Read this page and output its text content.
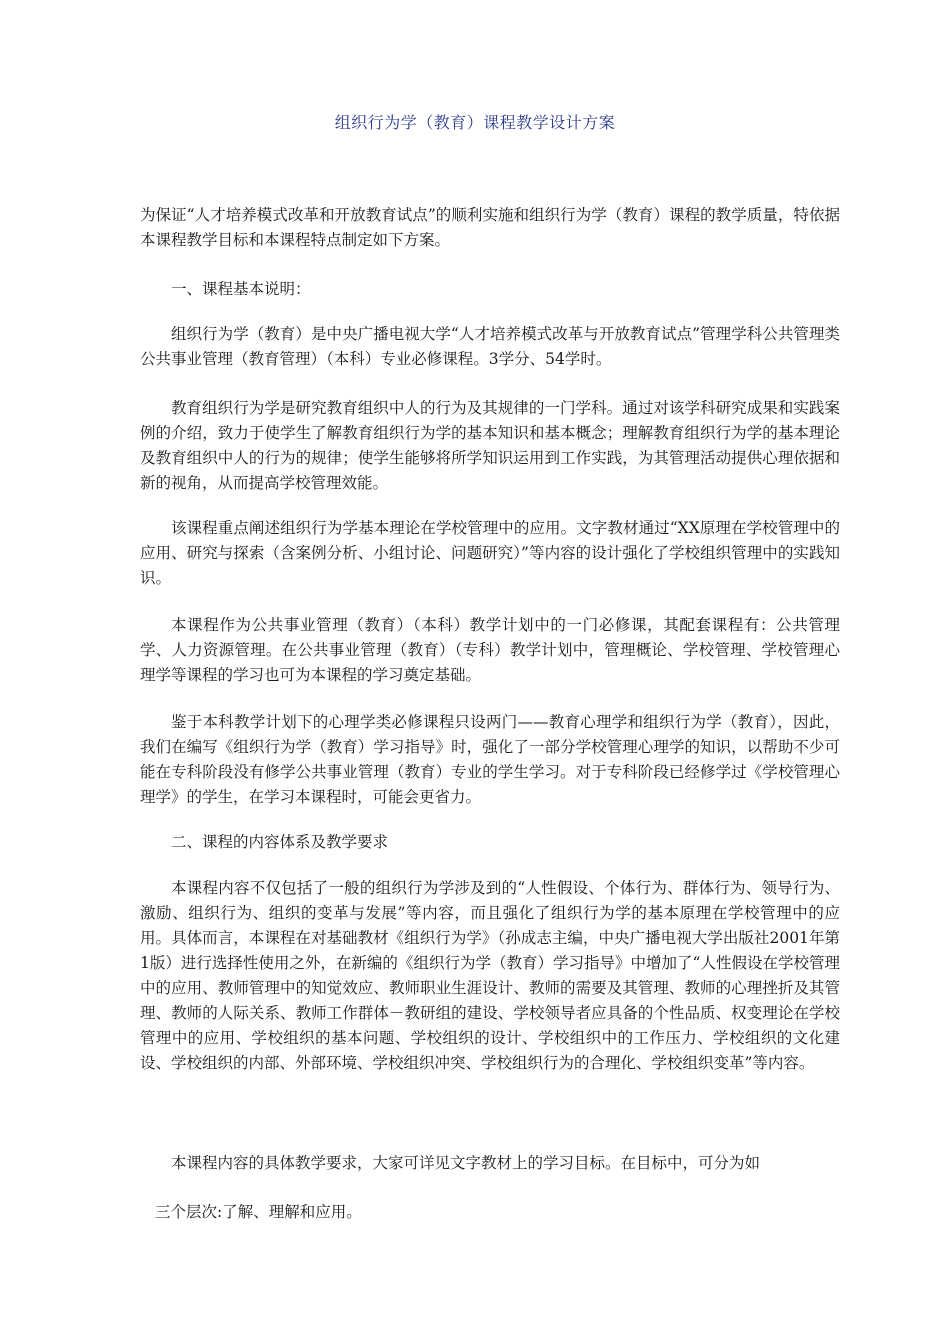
组织行为学（教育）课程教学设计方案

为保证“人才培养模式改革和开放教育试点”的顺利实施和组织行为学（教育）课程的教学质量，特依据本课程教学目标和本课程特点制定如下方案。

一、课程基本说明：

组织行为学（教育）是中央广播电视大学“人才培养模式改革与开放教育试点”管理学科公共管理类公共事业管理（教育管理）（本科）专业必修课程。3学分、54学时。

教育组织行为学是研究教育组织中人的行为及其规律的一门学科。通过对该学科研究成果和实践案例的介绍，致力于使学生了解教育组织行为学的基本知识和基本概念；理解教育组织行为学的基本理论及教育组织中人的行为的规律；使学生能够将所学知识运用到工作实践，为其管理活动提供心理依据和新的视角，从而提高学校管理效能。

该课程重点阐述组织行为学基本理论在学校管理中的应用。文字教材通过“XX原理在学校管理中的应用、研究与探索（含案例分析、小组讨论、问题研究）”等内容的设计强化了学校组织管理中的实践知识。

本课程作为公共事业管理（教育）（本科）教学计划中的一门必修课，其配套课程有：公共管理学、人力资源管理。在公共事业管理（教育）（专科）教学计划中，管理概论、学校管理、学校管理心理学等课程的学习也可为本课程的学习奠定基础。

鉴于本科教学计划下的心理学类必修课程只设两门——教育心理学和组织行为学（教育），因此，我们在编写《组织行为学（教育）学习指导》时，强化了一部分学校管理心理学的知识，以帮助不少可能在专科阶段没有修学公共事业管理（教育）专业的学生学习。对于专科阶段已经修学过《学校管理心理学》的学生，在学习本课程时，可能会更省力。

二、课程的内容体系及教学要求

本课程内容不仅包括了一般的组织行为学涉及到的“人性假设、个体行为、群体行为、领导行为、激励、组织行为、组织的变革与发展”等内容，而且强化了组织行为学的基本原理在学校管理中的应用。具体而言，本课程在对基础教材《组织行为学》（孙成志主编，中央广播电视大学出版社2001年第1版）进行选择性使用之外，在新编的《组织行为学（教育）学习指导》中增加了“人性假设在学校管理中的应用、教师管理中的知觉效应、教师职业生涯设计、教师的需要及其管理、教师的心理挫折及其管理、教师的人际关系、教师工作群体－教研组的建设、学校领导者应具备的个性品质、权变理论在学校管理中的应用、学校组织的基本问题、学校组织的设计、学校组织中的工作压力、学校组织的文化建设、学校组织的内部、外部环境、学校组织冲突、学校组织行为的合理化、学校组织变革”等内容。

本课程内容的具体教学要求，大家可详见文字教材上的学习目标。在目标中，可分为如

三个层次:了解、理解和应用。
